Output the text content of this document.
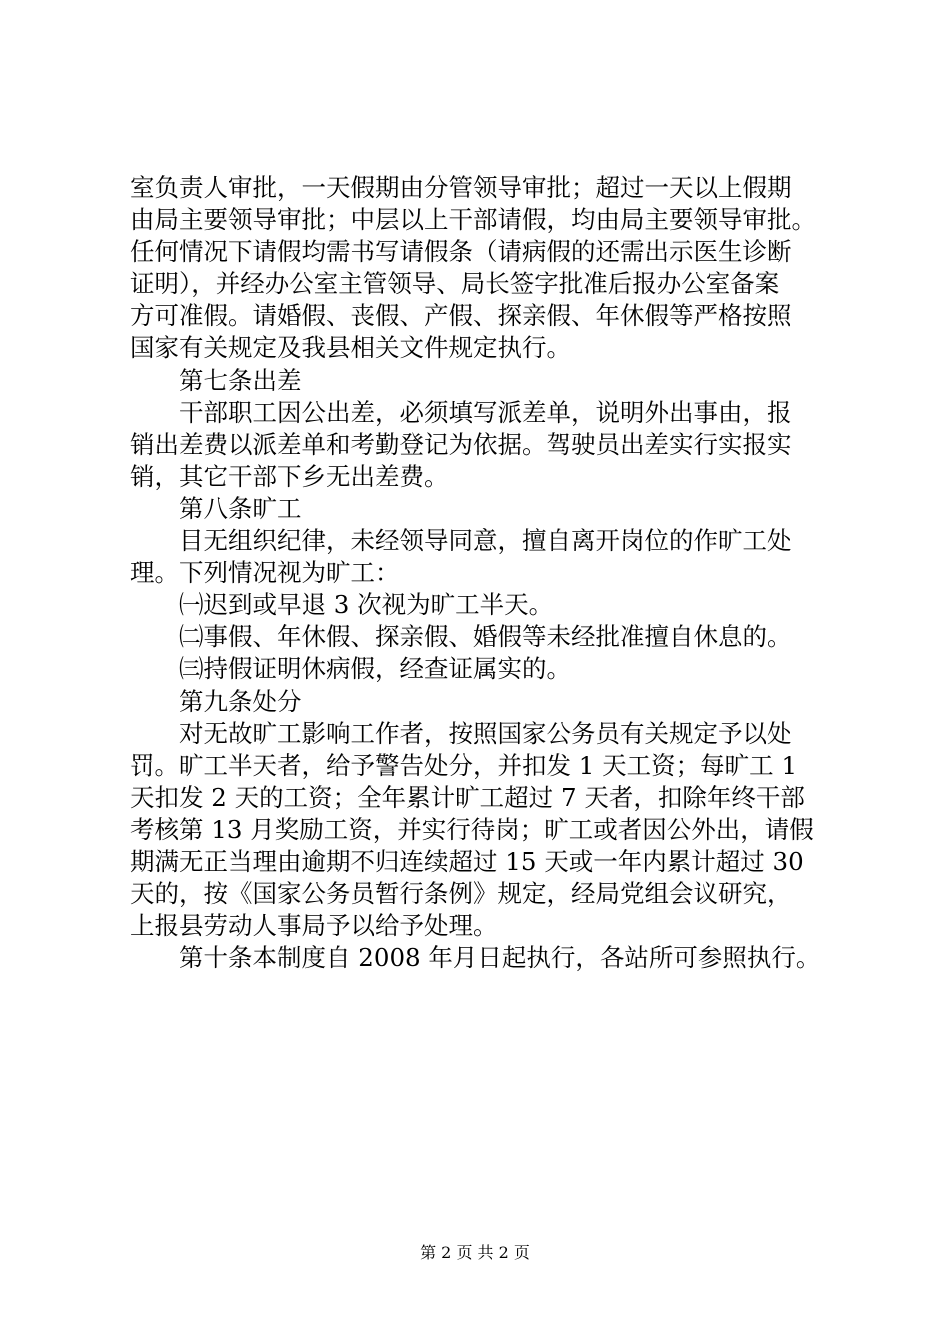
室负责人审批，一天假期由分管领导审批；超过一天以上假期
由局主要领导审批；中层以上干部请假，均由局主要领导审批。
任何情况下请假均需书写请假条（请病假的还需出示医生诊断
证明），并经办公室主管领导、局长签字批准后报办公室备案
方可准假。请婚假、丧假、产假、探亲假、年休假等严格按照
国家有关规定及我县相关文件规定执行。
第七条出差
干部职工因公出差，必须填写派差单，说明外出事由，报
销出差费以派差单和考勤登记为依据。驾驶员出差实行实报实
销，其它干部下乡无出差费。
第八条旷工
目无组织纪律，未经领导同意，擅自离开岗位的作旷工处
理。下列情况视为旷工：
㈠迟到或早退 3 次视为旷工半天。
㈡事假、年休假、探亲假、婚假等未经批准擅自休息的。
㈢持假证明休病假，经查证属实的。
第九条处分
对无故旷工影响工作者，按照国家公务员有关规定予以处
罚。旷工半天者，给予警告处分，并扣发 1 天工资；每旷工 1
天扣发 2 天的工资；全年累计旷工超过 7 天者，扣除年终干部
考核第 13 月奖励工资，并实行待岗；旷工或者因公外出，请假
期满无正当理由逾期不归连续超过 15 天或一年内累计超过 30
天的，按《国家公务员暂行条例》规定，经局党组会议研究，
上报县劳动人事局予以给予处理。
第十条本制度自 2008 年月日起执行，各站所可参照执行。
第 2 页 共 2 页
